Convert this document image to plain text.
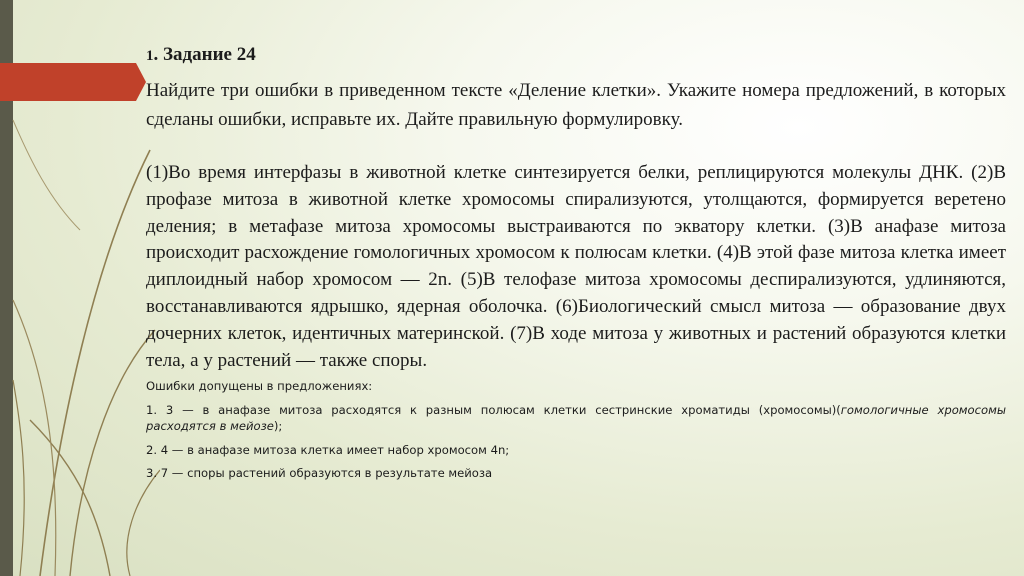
1. Задание 24

Найдите три ошибки в приведенном тексте «Деление клетки». Укажите номера предложений, в которых сделаны ошибки, исправьте их. Дайте правильную формулировку.

(1)Во время интерфазы в животной клетке синтезируется белки, реплицируются молекулы ДНК. (2)В профазе митоза в животной клетке хромосомы спирализуются, утолщаются, формируется веретено деления; в метафазе митоза хромосомы выстраиваются по экватору клетки. (3)В анафазе митоза происходит расхождение гомологичных хромосом к полюсам клетки. (4)В этой фазе митоза клетка имеет диплоидный набор хромосом — 2n. (5)В телофазе митоза хромосомы деспирализуются, удлиняются, восстанавливаются ядрышко, ядерная оболочка. (6)Биологический смысл митоза — образование двух дочерних клеток, идентичных материнской. (7)В ходе митоза у животных и растений образуются клетки тела, а у растений — также споры.

Ошибки допущены в предложениях:

1. 3 — в анафазе митоза расходятся к разным полюсам клетки сестринские хроматиды (хромосомы)(гомологичные хромосомы расходятся в мейозе);

2. 4 — в анафазе митоза клетка имеет набор хромосом 4n;

3. 7 — споры растений образуются в результате мейоза
